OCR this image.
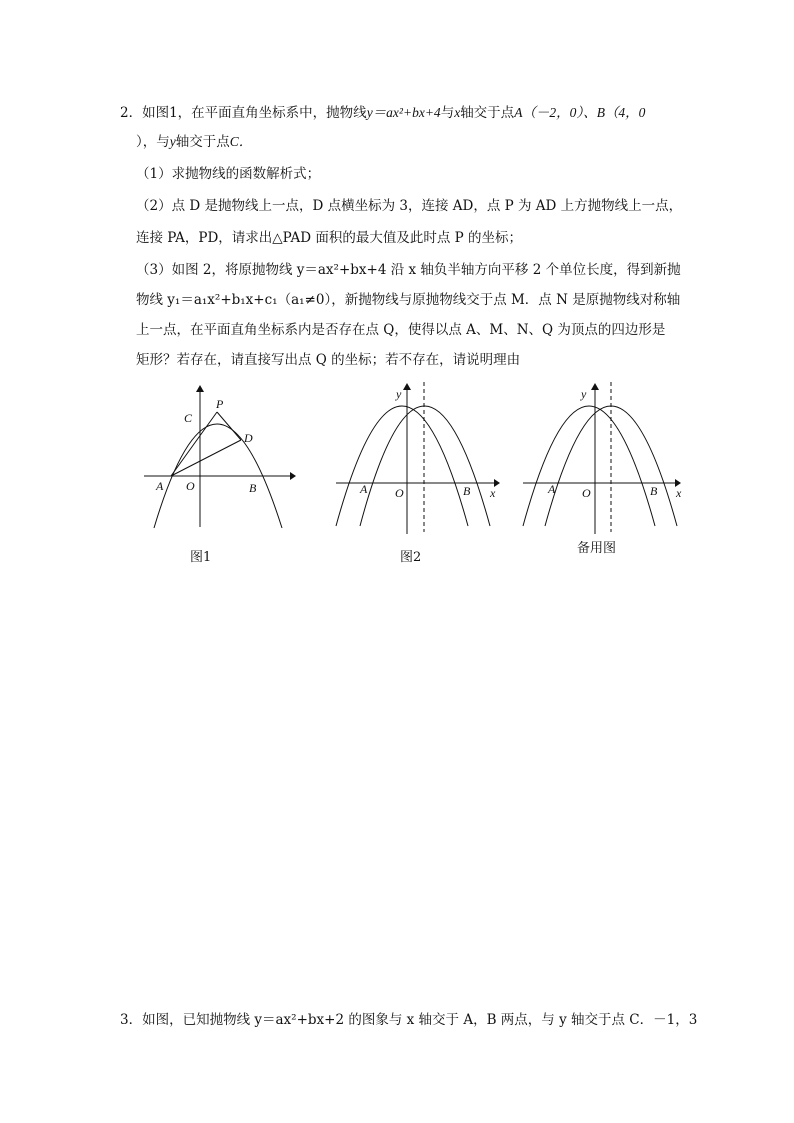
2．如图1，在平面直角坐标系中，抛物线y＝ax²+bx+4与x轴交于点A（－2，0）、B（4，0
），与y轴交于点C．
（1）求抛物线的函数解析式；
（2）点 D 是抛物线上一点，D 点横坐标为 3，连接 AD，点 P 为 AD 上方抛物线上一点，
连接 PA，PD，请求出△PAD 面积的最大值及此时点 P 的坐标；
（3）如图 2，将原抛物线 y＝ax²+bx+4 沿 x 轴负半轴方向平移 2 个单位长度，得到新抛
物线 y₁＝a₁x²+b₁x+c₁（a₁≠0），新抛物线与原抛物线交于点 M．点 N 是原抛物线对称轴
上一点，在平面直角坐标系内是否存在点 Q，使得以点 A、M、N、Q 为顶点的四边形是
矩形？若存在，请直接写出点 Q 的坐标；若不存在，请说明理由
C
P
D
A O	B
图1
y
A O	B x
图2
y
A O	B x
备用图
3．如图，已知抛物线 y＝ax²+bx+2 的图象与 x 轴交于 A，B 两点，与 y 轴交于点 C．－1，3
